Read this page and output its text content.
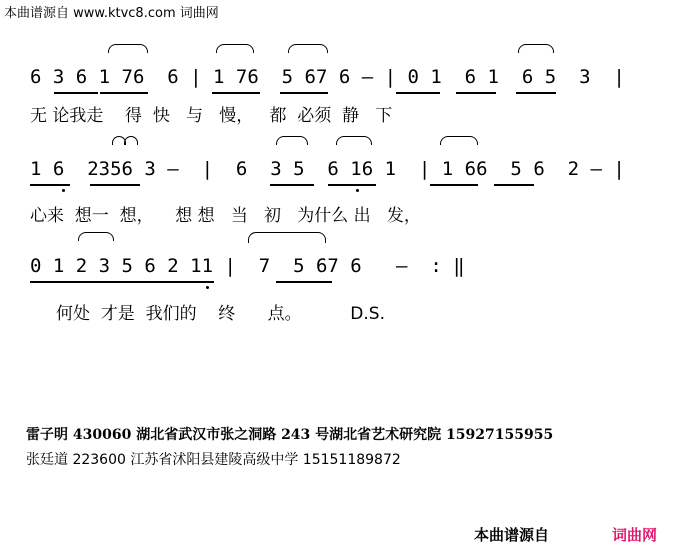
本曲谱源自 www.ktvc8.com 词曲网
6 3 6 1 76  6 | 1 76  5 67 6 — | 0 1  6 1  6 5  3  |
无 论我走    得  快   与   慢，   都  必须  静   下
1 6  2356 3 —  |  6  3 5  6 16 1  | 1 66  5 6  2 — |
心来  想一  想，    想 想   当   初   为什么 出   发，
0 1 2 3 5 6 2 11 |  7  5 67 6   —  : ‖
何处  才是  我们的    终      点。         D.S.
雷子明 430060 湖北省武汉市张之洞路 243 号湖北省艺术研究院 15927155955
张廷道 223600 江苏省沭阳县建陵高级中学 15151189872
本曲谱源自	词曲网
